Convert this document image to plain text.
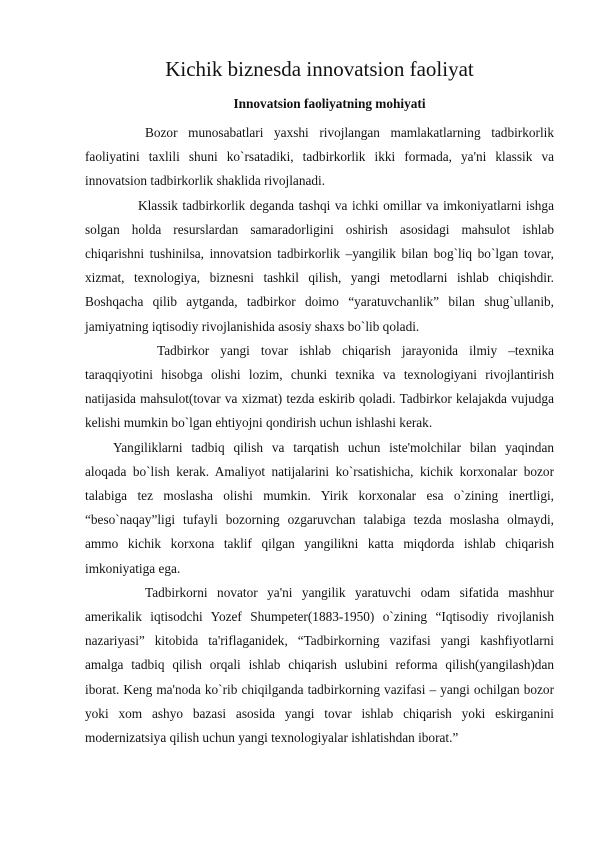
Kichik biznesda innovatsion faoliyat
Innovatsion faoliyatning mohiyati

Bozor munosabatlari yaxshi rivojlangan mamlakatlarning tadbirkorlik faoliyatini taxlili shuni ko`rsatadiki, tadbirkorlik ikki formada, ya'ni klassik va innovatsion tadbirkorlik shaklida rivojlanadi.

Klassik tadbirkorlik deganda tashqi va ichki omillar va imkoniyatlarni ishga solgan holda resurslardan samaradorligini oshirish asosidagi mahsulot ishlab chiqarishni tushinilsa, innovatsion tadbirkorlik –yangilik bilan bog`liq bo`lgan tovar, xizmat, texnologiya, biznesni tashkil qilish, yangi metodlarni ishlab chiqishdir. Boshqacha qilib aytganda, tadbirkor doimo “yaratuvchanlik” bilan shug`ullanib, jamiyatning iqtisodiy rivojlanishida asosiy shaxs bo`lib qoladi.

Tadbirkor yangi tovar ishlab chiqarish jarayonida ilmiy –texnika taraqqiyotini hisobga olishi lozim, chunki texnika va texnologiyani rivojlantirish natijasida mahsulot(tovar va xizmat) tezda eskirib qoladi. Tadbirkor kelajakda vujudga kelishi mumkin bo`lgan ehtiyojni qondirish uchun ishlashi kerak.

Yangiliklarni tadbiq qilish va tarqatish uchun iste'molchilar bilan yaqindan aloqada bo`lish kerak. Amaliyot natijalarini ko`rsatishicha, kichik korxonalar bozor talabiga tez moslasha olishi mumkin. Yirik korxonalar esa o`zining inertligi, “beso`naqay”ligi tufayli bozorning ozgaruvchan talabiga tezda moslasha olmaydi, ammo kichik korxona taklif qilgan yangilikni katta miqdorda ishlab chiqarish imkoniyatiga ega.

Tadbirkorni novator ya'ni yangilik yaratuvchi odam sifatida mashhur amerikalik iqtisodchi Yozef Shumpeter(1883-1950) o`zining “Iqtisodiy rivojlanish nazariyasi” kitobida ta'riflaganidek, “Tadbirkorning vazifasi yangi kashfiyotlarni amalga tadbiq qilish orqali ishlab chiqarish uslubini reforma qilish(yangilash)dan iborat. Keng ma'noda ko`rib chiqilganda tadbirkorning vazifasi – yangi ochilgan bozor yoki xom ashyo bazasi asosida yangi tovar ishlab chiqarish yoki eskirganini modernizatsiya qilish uchun yangi texnologiyalar ishlatishdan iborat.”
